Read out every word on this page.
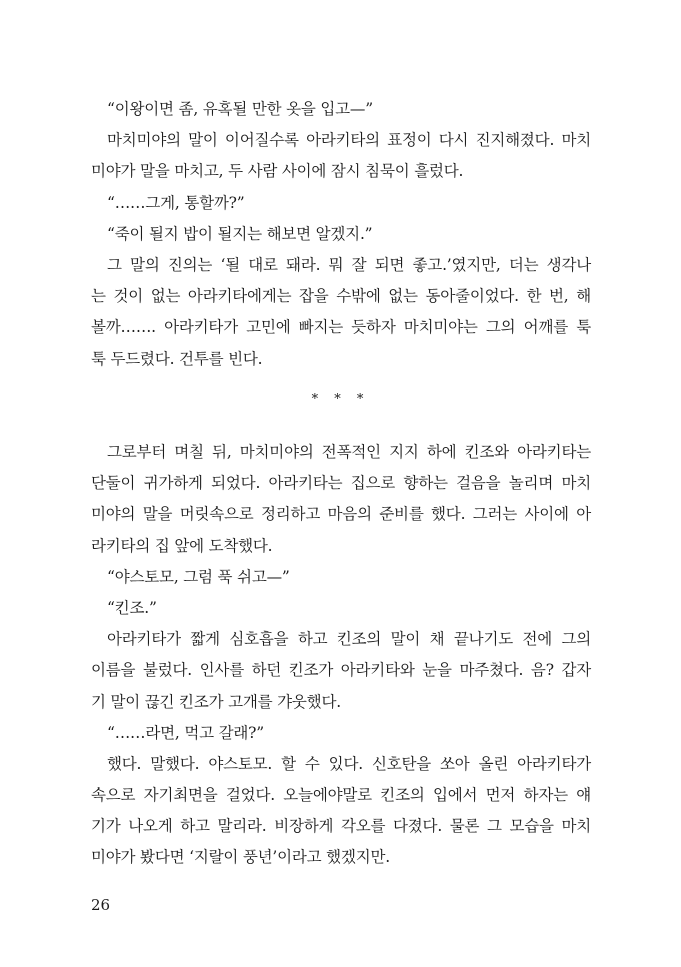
“이왕이면 좀, 유혹될 만한 옷을 입고—”
마치미야의 말이 이어질수록 아라키타의 표정이 다시 진지해졌다. 마치
미야가 말을 마치고, 두 사람 사이에 잠시 침묵이 흘렀다.
“……그게, 통할까?”
“죽이 될지 밥이 될지는 해보면 알겠지.”
그 말의 진의는 ‘될 대로 돼라. 뭐 잘 되면 좋고.’였지만, 더는 생각나
는 것이 없는 아라키타에게는 잡을 수밖에 없는 동아줄이었다. 한 번, 해
볼까……. 아라키타가 고민에 빠지는 듯하자 마치미야는 그의 어깨를 툭
툭 두드렸다. 건투를 빈다.
* * *
그로부터 며칠 뒤, 마치미야의 전폭적인 지지 하에 킨조와 아라키타는
단둘이 귀가하게 되었다. 아라키타는 집으로 향하는 걸음을 놀리며 마치
미야의 말을 머릿속으로 정리하고 마음의 준비를 했다. 그러는 사이에 아
라키타의 집 앞에 도착했다.
“야스토모, 그럼 푹 쉬고—”
“킨조.”
아라키타가 짧게 심호흡을 하고 킨조의 말이 채 끝나기도 전에 그의
이름을 불렀다. 인사를 하던 킨조가 아라키타와 눈을 마주쳤다. 음? 갑자
기 말이 끊긴 킨조가 고개를 갸웃했다.
“……라면, 먹고 갈래?”
했다. 말했다. 야스토모. 할 수 있다. 신호탄을 쏘아 올린 아라키타가
속으로 자기최면을 걸었다. 오늘에야말로 킨조의 입에서 먼저 하자는 얘
기가 나오게 하고 말리라. 비장하게 각오를 다졌다. 물론 그 모습을 마치
미야가 봤다면 ‘지랄이 풍년’이라고 했겠지만.
26
